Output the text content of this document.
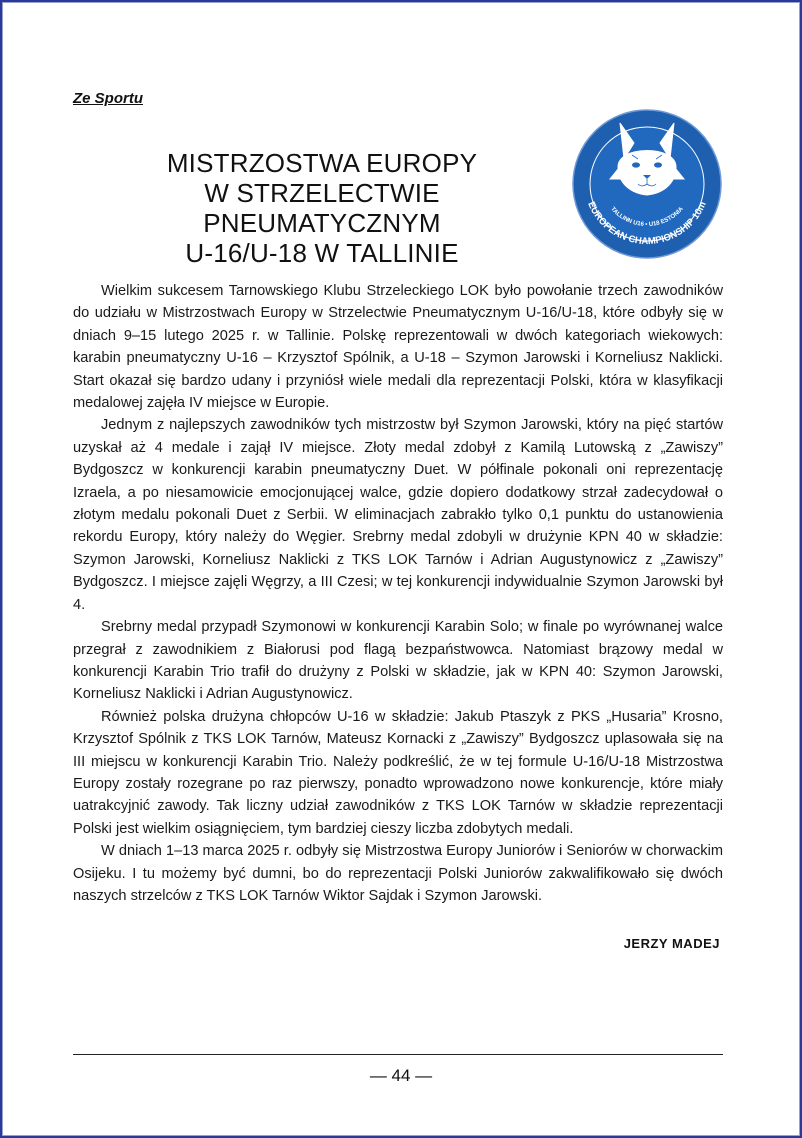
Ze Sportu
MISTRZOSTWA EUROPY
W STRZELECTWIE PNEUMATYCZNYM
U-16/U-18 W TALLINIE
2025
TALLINN U16 • U18 ESTONIA
EUROPEAN CHAMPIONSHIP 10m

Wielkim sukcesem Tarnowskiego Klubu Strzeleckiego LOK było powołanie trzech zawodników do udziału w Mistrzostwach Europy w Strzelectwie Pneumatycznym U-16/U-18, które odbyły się w dniach 9–15 lutego 2025 r. w Tallinie. Polskę reprezentowali w dwóch kategoriach wiekowych: karabin pneumatyczny U-16 – Krzysztof Spólnik, a U-18 – Szymon Jarowski i Korneliusz Naklicki. Start okazał się bardzo udany i przyniósł wiele medali dla reprezentacji Polski, która w klasyfikacji medalowej zajęła IV miejsce w Europie.

Jednym z najlepszych zawodników tych mistrzostw był Szymon Jarowski, który na pięć startów uzyskał aż 4 medale i zajął IV miejsce. Złoty medal zdobył z Kamilą Lutowską z „Zawiszy” Bydgoszcz w konkurencji karabin pneumatyczny Duet. W półfinale pokonali oni reprezentację Izraela, a po niesamowicie emocjonującej walce, gdzie dopiero dodatkowy strzał zadecydował o złotym medalu pokonali Duet z Serbii. W eliminacjach zabrakło tylko 0,1 punktu do ustanowienia rekordu Europy, który należy do Węgier. Srebrny medal zdobyli w drużynie KPN 40 w składzie: Szymon Jarowski, Korneliusz Naklicki z TKS LOK Tarnów i Adrian Augustynowicz z „Zawiszy” Bydgoszcz. I miejsce zajęli Węgrzy, a III Czesi; w tej konkurencji indywidualnie Szymon Jarowski był 4.

Srebrny medal przypadł Szymonowi w konkurencji Karabin Solo; w finale po wyrównanej walce przegrał z zawodnikiem z Białorusi pod flagą bezpaństwowca. Natomiast brązowy medal w konkurencji Karabin Trio trafił do drużyny z Polski w składzie, jak w KPN 40: Szymon Jarowski, Korneliusz Naklicki i Adrian Augustynowicz.

Również polska drużyna chłopców U-16 w składzie: Jakub Ptaszyk z PKS „Husaria” Krosno, Krzysztof Spólnik z TKS LOK Tarnów, Mateusz Kornacki z „Zawiszy” Bydgoszcz uplasowała się na III miejscu w konkurencji Karabin Trio. Należy podkreślić, że w tej formule U-16/U-18 Mistrzostwa Europy zostały rozegrane po raz pierwszy, ponadto wprowadzono nowe konkurencje, które miały uatrakcyjnić zawody. Tak liczny udział zawodników z TKS LOK Tarnów w składzie reprezentacji Polski jest wielkim osiągnięciem, tym bardziej cieszy liczba zdobytych medali.

W dniach 1–13 marca 2025 r. odbyły się Mistrzostwa Europy Juniorów i Seniorów w chorwackim Osijeku. I tu możemy być dumni, bo do reprezentacji Polski Juniorów zakwalifikowało się dwóch naszych strzelców z TKS LOK Tarnów Wiktor Sajdak i Szymon Jarowski.

JERZY MADEJ
— 44 —
